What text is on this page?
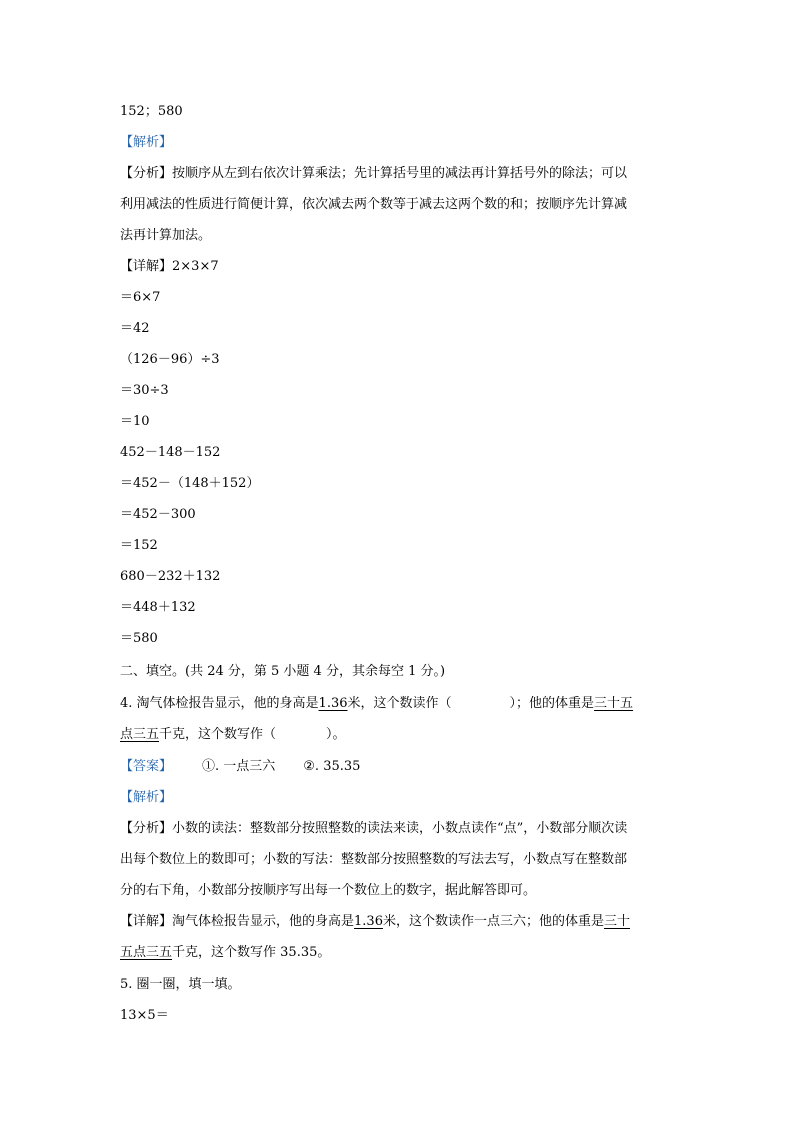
152；580
【解析】
【分析】按顺序从左到右依次计算乘法；先计算括号里的减法再计算括号外的除法；可以
利用减法的性质进行简便计算，依次减去两个数等于减去这两个数的和；按顺序先计算减
法再计算加法。
【详解】2×3×7
＝6×7
＝42
（126－96）÷3
＝30÷3
＝10
452－148－152
＝452－（148＋152）
＝452－300
＝152
680－232＋132
＝448＋132
＝580
二、填空。(共 24 分，第 5 小题 4 分，其余每空 1 分。)
4. 淘气体检报告显示，他的身高是1.36米，这个数读作（	）；他的体重是三十五
点三五千克，这个数写作（	）。
【答案】 ①. 一点三六 ②. 35.35
【解析】
【分析】小数的读法：整数部分按照整数的读法来读，小数点读作“点”，小数部分顺次读
出每个数位上的数即可；小数的写法：整数部分按照整数的写法去写，小数点写在整数部
分的右下角，小数部分按顺序写出每一个数位上的数字，据此解答即可。
【详解】淘气体检报告显示，他的身高是1.36米，这个数读作一点三六；他的体重是三十
五点三五千克，这个数写作 35.35。
5. 圈一圈，填一填。
13×5＝
